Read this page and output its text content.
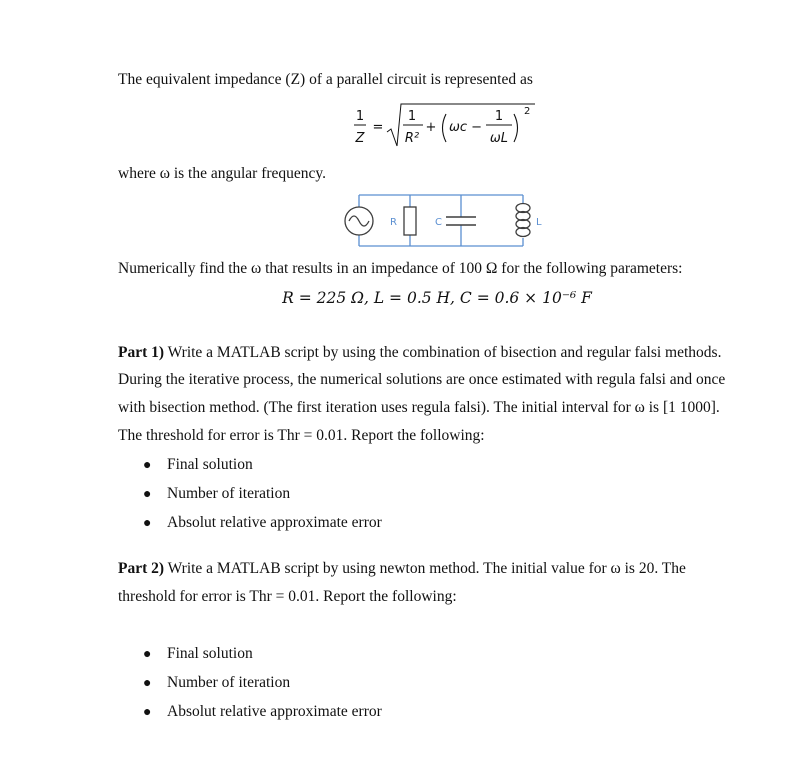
The equivalent impedance (Z) of a parallel circuit is represented as
1
Z
=
1
R²
+ ωc −
1
ωL
2
where ω is the angular frequency.
R	C	L
Numerically find the ω that results in an impedance of 100 Ω for the following parameters:
R = 225 Ω, L = 0.5 H, C = 0.6 × 10⁻⁶ F
Part 1) Write a MATLAB script by using the combination of bisection and regular falsi methods.
During the iterative process, the numerical solutions are once estimated with regula falsi and once
with bisection method. (The first iteration uses regula falsi). The initial interval for ω is [1 1000].
The threshold for error is Thr = 0.01. Report the following:
● Final solution
● Number of iteration
● Absolut relative approximate error
Part 2) Write a MATLAB script by using newton method. The initial value for ω is 20. The
threshold for error is Thr = 0.01. Report the following:
● Final solution
● Number of iteration
● Absolut relative approximate error
